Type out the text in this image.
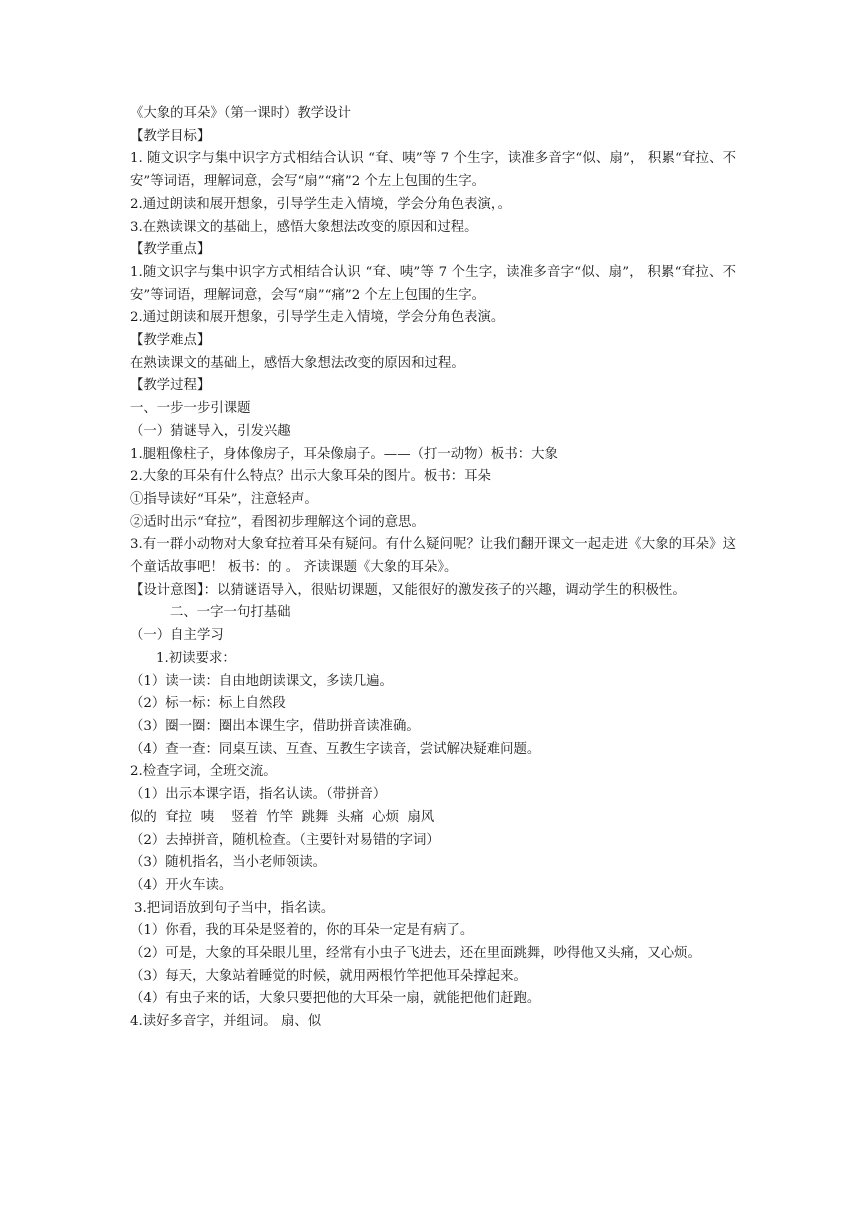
《大象的耳朵》（第一课时）教学设计

【教学目标】

1. 随文识字与集中识字方式相结合认识 “耷、咦”等 7 个生字，读准多音字“似、扇”， 积累“耷拉、不安”等词语，理解词意，会写“扇”“痛”2 个左上包围的生字。

2.通过朗读和展开想象，引导学生走入情境，学会分角色表演，。

3.在熟读课文的基础上，感悟大象想法改变的原因和过程。

【教学重点】

1.随文识字与集中识字方式相结合认识 “耷、咦”等 7 个生字，读准多音字“似、扇”， 积累“耷拉、不安”等词语，理解词意，会写“扇”“痛”2 个左上包围的生字。

2.通过朗读和展开想象，引导学生走入情境，学会分角色表演。

【教学难点】

在熟读课文的基础上，感悟大象想法改变的原因和过程。

【教学过程】

一、一步一步引课题

（一）猜谜导入，引发兴趣

1.腿粗像柱子，身体像房子，耳朵像扇子。——（打一动物）板书：大象

2.大象的耳朵有什么特点？出示大象耳朵的图片。板书：耳朵

①指导读好“耳朵”，注意轻声。

②适时出示“耷拉”，看图初步理解这个词的意思。

3.有一群小动物对大象耷拉着耳朵有疑问。有什么疑问呢？让我们翻开课文一起走进《大象的耳朵》这个童话故事吧！ 板书：的 。 齐读课题《大象的耳朵》。

【设计意图】：以猜谜语导入，很贴切课题，又能很好的激发孩子的兴趣，调动学生的积极性。

二、一字一句打基础

（一）自主学习

1.初读要求：

（1）读一读：自由地朗读课文，多读几遍。

（2）标一标：标上自然段

（3）圈一圈：圈出本课生字，借助拼音读准确。

（4）查一查：同桌互读、互查、互教生字读音，尝试解决疑难问题。

2.检查字词，全班交流。

（1）出示本课字语，指名认读。（带拼音）

似的  耷拉  咦    竖着  竹竿  跳舞  头痛  心烦  扇风

（2）去掉拼音，随机检查。（主要针对易错的字词）

（3）随机指名，当小老师领读。

（4）开火车读。

3.把词语放到句子当中，指名读。

（1）你看，我的耳朵是竖着的，你的耳朵一定是有病了。

（2）可是，大象的耳朵眼儿里，经常有小虫子飞进去，还在里面跳舞，吵得他又头痛，又心烦。

（3）每天，大象站着睡觉的时候，就用两根竹竿把他耳朵撑起来。

（4）有虫子来的话，大象只要把他的大耳朵一扇，就能把他们赶跑。

4.读好多音字，并组词。 扇、似
